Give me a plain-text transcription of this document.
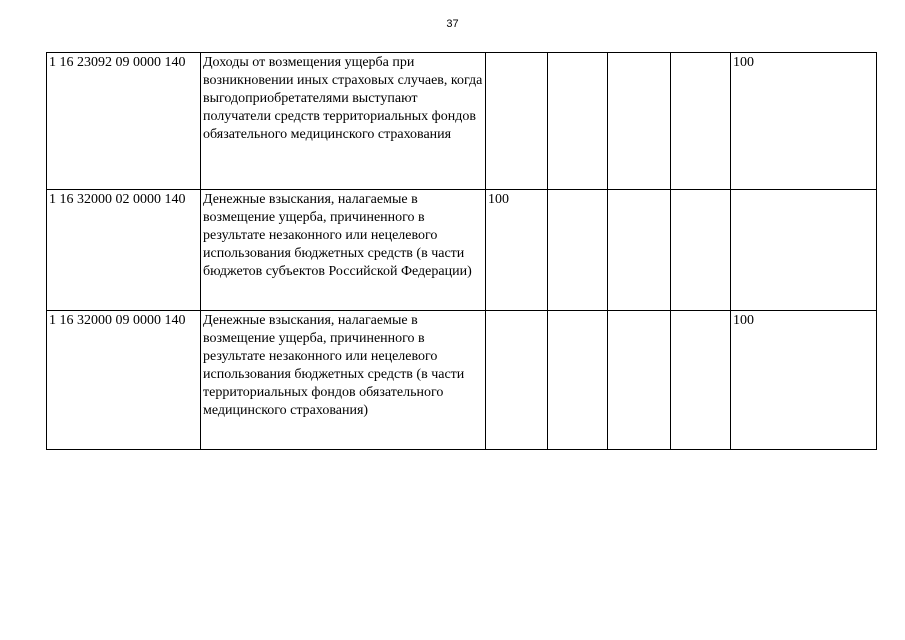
37
1 16 23092 09 0000 140	Доходы от возмещения ущерба при возникновении иных страховых случаев, когда выгодоприобретателями выступают получатели средств территориальных фондов обязательного медицинского страхования					100
1 16 32000 02 0000 140	Денежные взыскания, налагаемые в возмещение ущерба, причиненного в результате незаконного или нецелевого использования бюджетных средств (в части бюджетов субъектов Российской Федерации)	100				
1 16 32000 09 0000 140	Денежные взыскания, налагаемые в возмещение ущерба, причиненного в результате незаконного или нецелевого использования бюджетных средств (в части территориальных фондов обязательного медицинского страхования)					100
